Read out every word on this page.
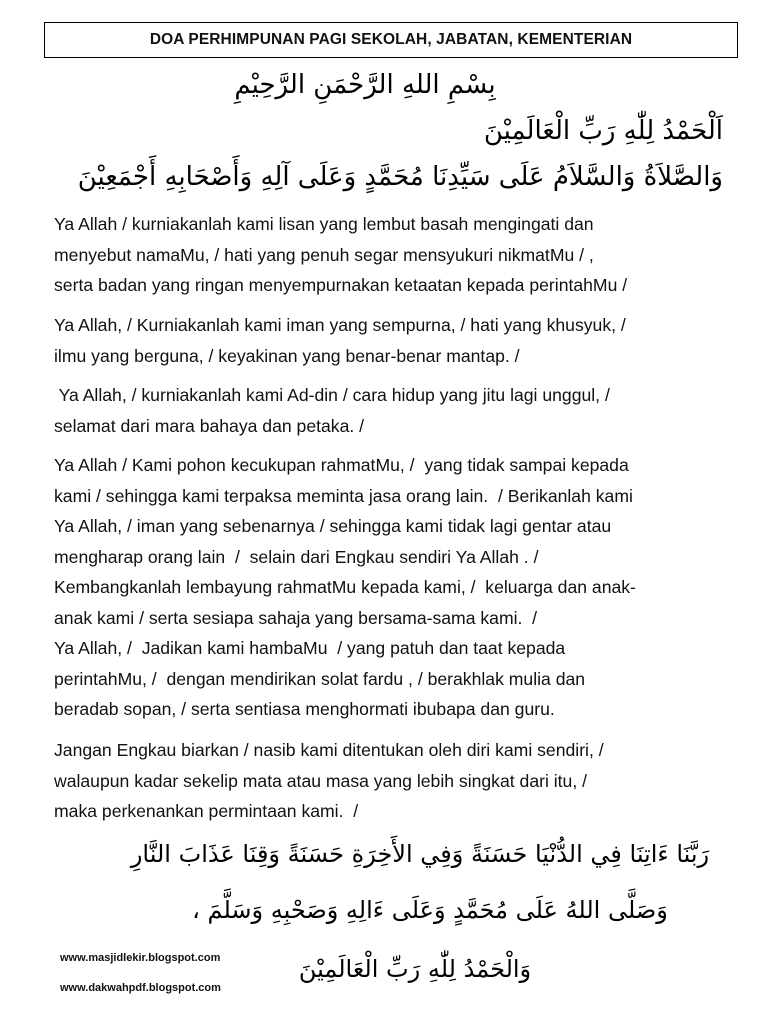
DOA PERHIMPUNAN PAGI SEKOLAH, JABATAN, KEMENTERIAN
بِسْمِ اللهِ الرَّحْمَنِ الرَّحِيْمِ
اَلْحَمْدُ لِلّٰهِ رَبِّ الْعَالَمِيْنَ
وَالصَّلاَةُ وَالسَّلاَمُ عَلَى سَيِّدِنَا مُحَمَّدٍ وَعَلَى آلِهِ وَأَصْحَابِهِ أَجْمَعِيْنَ
Ya Allah / kurniakanlah kami lisan yang lembut basah mengingati dan
menyebut namaMu, / hati yang penuh segar mensyukuri nikmatMu / ,
serta badan yang ringan menyempurnakan ketaatan kepada perintahMu /
Ya Allah, / Kurniakanlah kami iman yang sempurna, / hati yang khusyuk, /
ilmu yang berguna, / keyakinan yang benar-benar mantap. /
Ya Allah, / kurniakanlah kami Ad-din / cara hidup yang jitu lagi unggul, /
selamat dari mara bahaya dan petaka. /
Ya Allah / Kami pohon kecukupan rahmatMu, /  yang tidak sampai kepada
kami / sehingga kami terpaksa meminta jasa orang lain.  / Berikanlah kami
Ya Allah, / iman yang sebenarnya / sehingga kami tidak lagi gentar atau
mengharap orang lain  /  selain dari Engkau sendiri Ya Allah . /
Kembangkanlah lembayung rahmatMu kepada kami, /  keluarga dan anak-
anak kami / serta sesiapa sahaja yang bersama-sama kami.  /
Ya Allah, /  Jadikan kami hambaMu  / yang patuh dan taat kepada
perintahMu, /  dengan mendirikan solat fardu , / berakhlak mulia dan
beradab sopan, / serta sentiasa menghormati ibubapa dan guru.
Jangan Engkau biarkan / nasib kami ditentukan oleh diri kami sendiri, /
walaupun kadar sekelip mata atau masa yang lebih singkat dari itu, /
maka perkenankan permintaan kami.  /
رَبَّنَا ءَاتِنَا فِي الدُّنْيَا حَسَنَةً وَفِي الأَخِرَةِ حَسَنَةً وَقِنَا عَذَابَ النَّارِ
وَصَلَّى اللهُ عَلَى مُحَمَّدٍ وَعَلَى ءَالِهِ وَصَحْبِهِ وَسَلَّمَ ،
وَالْحَمْدُ لِلّٰهِ رَبِّ الْعَالَمِيْنَ
www.masjidlekir.blogspot.com
www.dakwahpdf.blogspot.com
